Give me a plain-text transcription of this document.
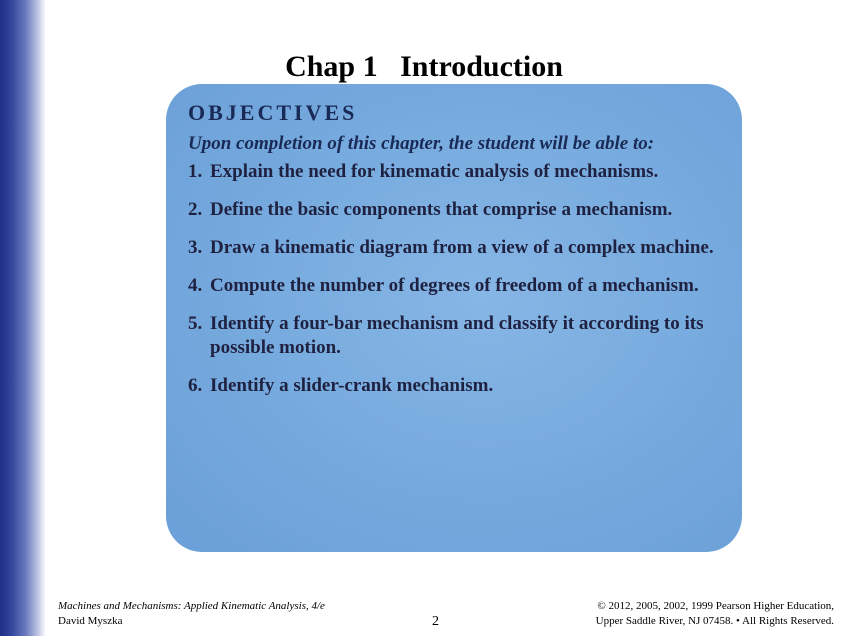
Chap 1   Introduction
OBJECTIVES
Upon completion of this chapter, the student will be able to:
1. Explain the need for kinematic analysis of mechanisms.
2. Define the basic components that comprise a mechanism.
3. Draw a kinematic diagram from a view of a complex machine.
4. Compute the number of degrees of freedom of a mechanism.
5. Identify a four-bar mechanism and classify it according to its possible motion.
6. Identify a slider-crank mechanism.
Machines and Mechanisms: Applied Kinematic Analysis, 4/e
David Myszka	2
© 2012, 2005, 2002, 1999 Pearson Higher Education,
Upper Saddle River, NJ 07458. • All Rights Reserved.
